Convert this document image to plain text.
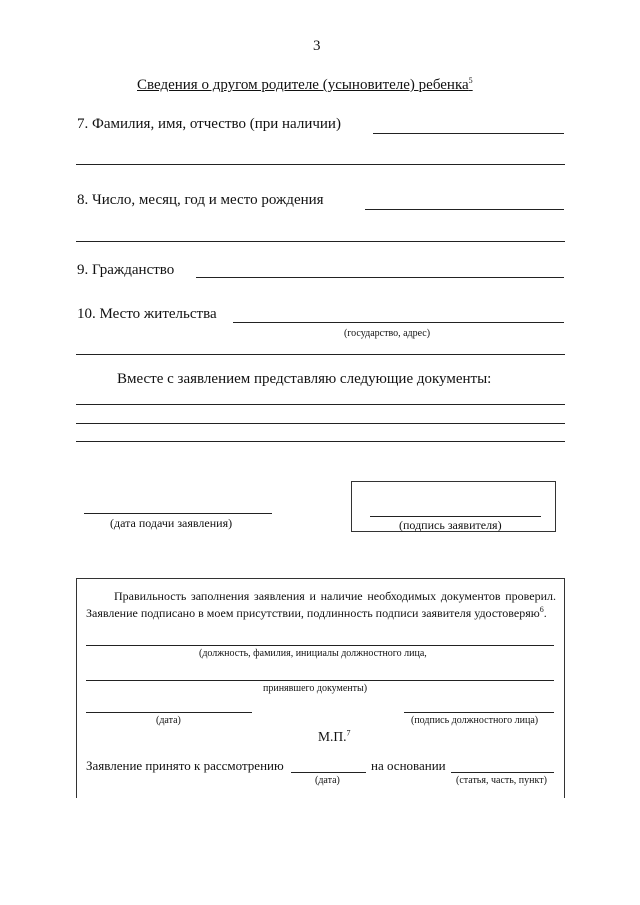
3
Сведения о другом родителе (усыновителе) ребенка$^5$
7. Фамилия, имя, отчество (при наличии)
8. Число, месяц, год и место рождения
9. Гражданство
10. Место жительства
(государство, адрес)
Вместе с заявлением представляю следующие документы:
(дата подачи заявления)	(подпись заявителя)
Правильность заполнения заявления и наличие необходимых документов проверил. Заявление подписано в моем присутствии, подлинность подписи заявителя удостоверяю$^6$.
(должность, фамилия, инициалы должностного лица,
принявшего документы)
(дата)	(подпись должностного лица)
М.П.$^7$
Заявление принято к рассмотрению	на основании
(дата)	(статья, часть, пункт)
